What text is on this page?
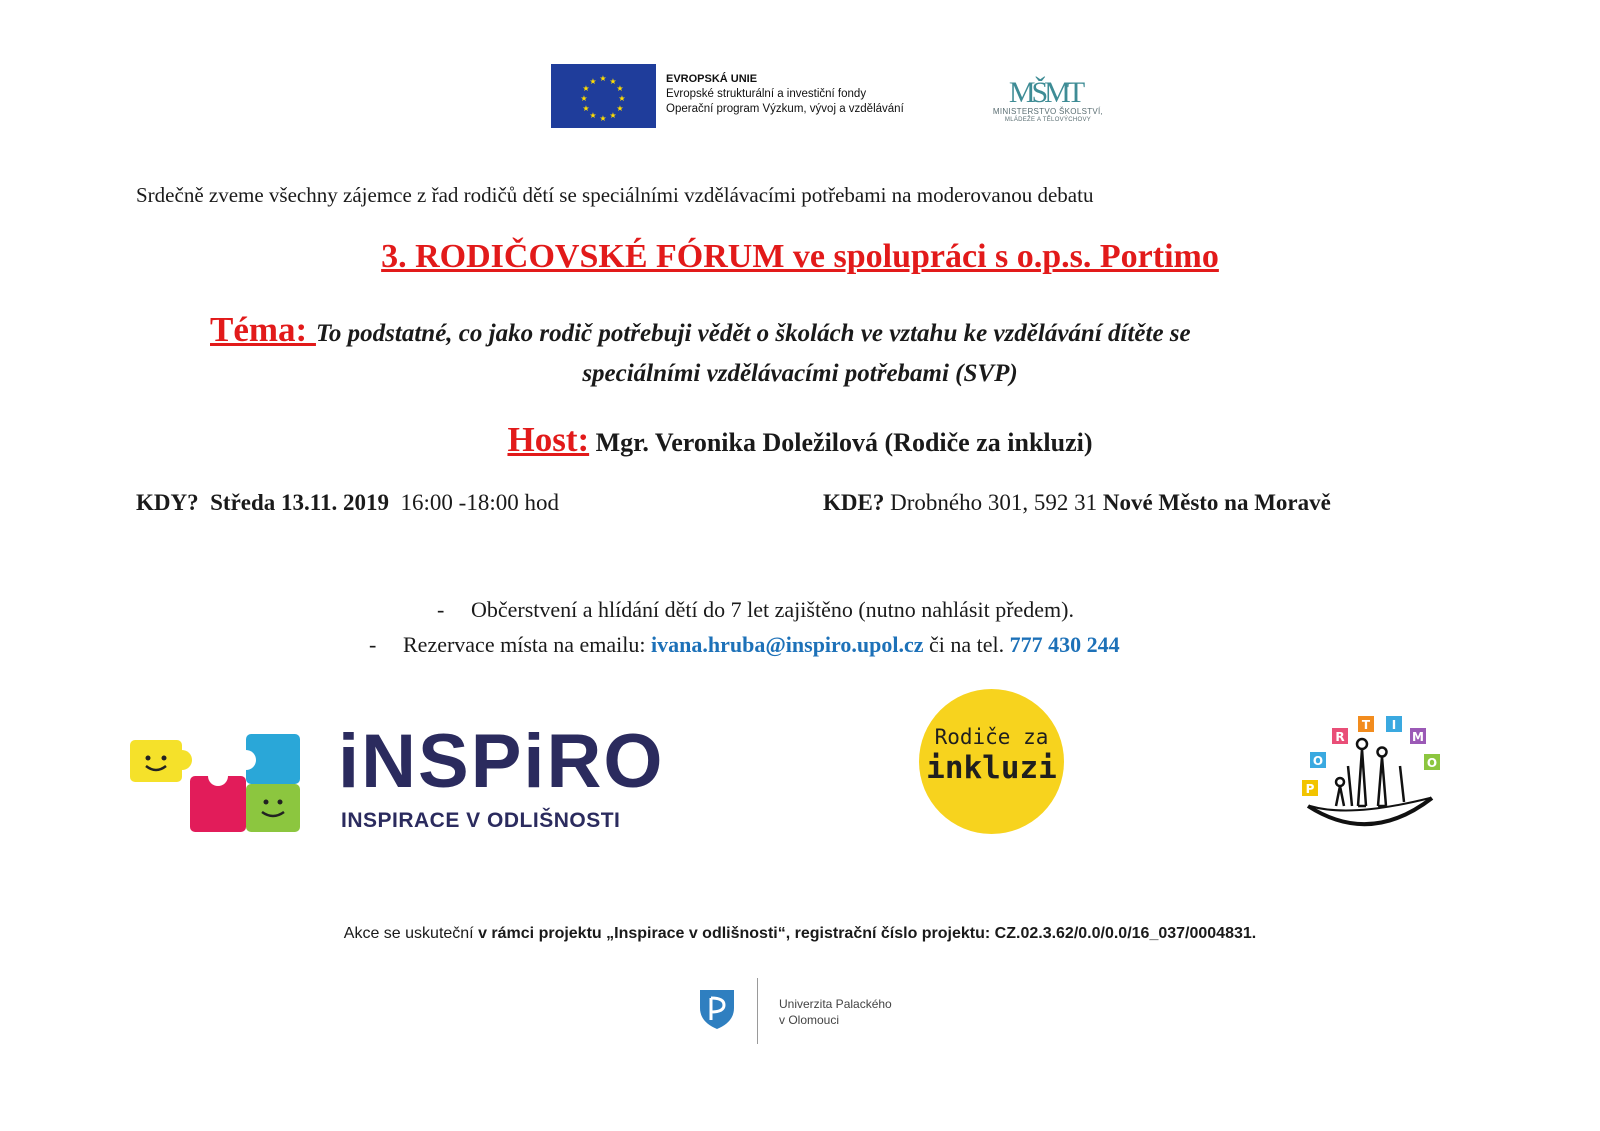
★ ★
★
★
★
★
★
★
★
★
★
★	EVROPSKÁ UNIE
Evropské strukturální a investiční fondy
Operační program Výzkum, vývoj a vzdělávání	MŠMT
MINISTERSTVO ŠKOLSTVÍ,
MLÁDEŽE A TĚLOVÝCHOVY
Srdečně zveme všechny zájemce z řad rodičů dětí se speciálními vzdělávacími potřebami na moderovanou debatu
3. RODIČOVSKÉ FÓRUM ve spolupráci s o.p.s. Portimo
Téma: To podstatné, co jako rodič potřebuji vědět o školách ve vztahu ke vzdělávání dítěte se
speciálními vzdělávacími potřebami (SVP)
Host: Mgr. Veronika Doležilová (Rodiče za inkluzi)
KDY? Středa 13.11. 2019 16:00 -18:00 hod	KDE? Drobného 301, 592 31 Nové Město na Moravě
- Občerstvení a hlídání dětí do 7 let zajištěno (nutno nahlásit předem).
- Rezervace místa na emailu: ivana.hruba@inspiro.upol.cz či na tel. 777 430 244
iNSPiRO
INSPIRACE V ODLIŠNOSTI
Rodiče za
inkluzi
P
O
R
T I
M
O
Akce se uskuteční v rámci projektu „Inspirace v odlišnosti“, registrační číslo projektu: CZ.02.3.62/0.0/0.0/16_037/0004831.
Univerzita Palackého
v Olomouci
